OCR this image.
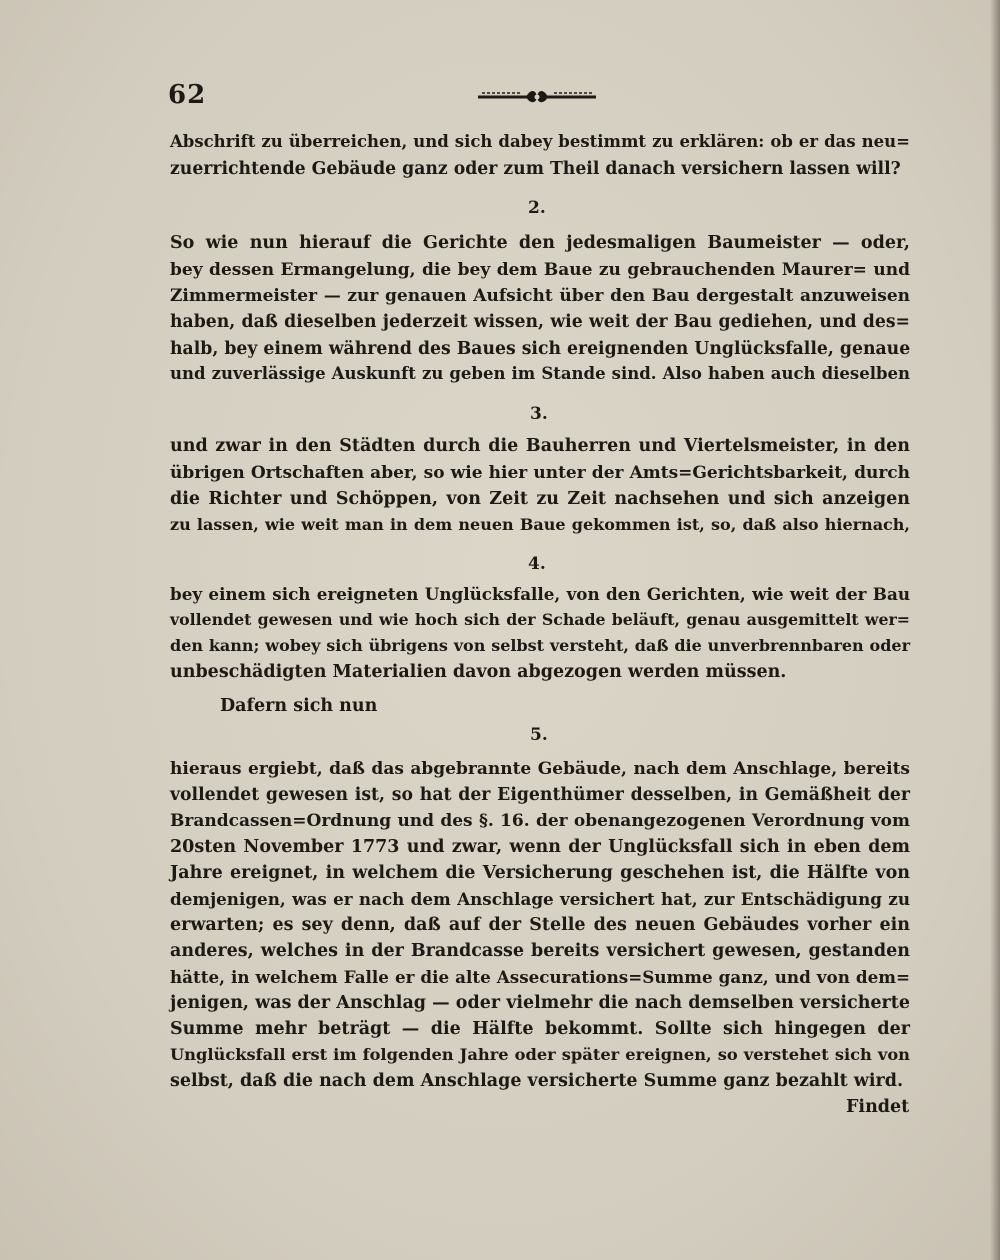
62
Abschrift zu überreichen, und sich dabey bestimmt zu erklären: ob er das neu=
zuerrichtende Gebäude ganz oder zum Theil danach versichern lassen will?
2.
So wie nun hierauf die Gerichte den jedesmaligen Baumeister — oder,
bey dessen Ermangelung, die bey dem Baue zu gebrauchenden Maurer= und
Zimmermeister — zur genauen Aufsicht über den Bau dergestalt anzuweisen
haben, daß dieselben jederzeit wissen, wie weit der Bau gediehen, und des=
halb, bey einem während des Baues sich ereignenden Unglücksfalle, genaue
und zuverlässige Auskunft zu geben im Stande sind. Also haben auch dieselben
3.
und zwar in den Städten durch die Bauherren und Viertelsmeister, in den
übrigen Ortschaften aber, so wie hier unter der Amts=Gerichtsbarkeit, durch
die Richter und Schöppen, von Zeit zu Zeit nachsehen und sich anzeigen
zu lassen, wie weit man in dem neuen Baue gekommen ist, so, daß also hiernach,
4.
bey einem sich ereigneten Unglücksfalle, von den Gerichten, wie weit der Bau
vollendet gewesen und wie hoch sich der Schade beläuft, genau ausgemittelt wer=
den kann; wobey sich übrigens von selbst versteht, daß die unverbrennbaren oder
unbeschädigten Materialien davon abgezogen werden müssen.
Dafern sich nun
5.
hieraus ergiebt, daß das abgebrannte Gebäude, nach dem Anschlage, bereits
vollendet gewesen ist, so hat der Eigenthümer desselben, in Gemäßheit der
Brandcassen=Ordnung und des §. 16. der obenangezogenen Verordnung vom
20sten November 1773 und zwar, wenn der Unglücksfall sich in eben dem
Jahre ereignet, in welchem die Versicherung geschehen ist, die Hälfte von
demjenigen, was er nach dem Anschlage versichert hat, zur Entschädigung zu
erwarten; es sey denn, daß auf der Stelle des neuen Gebäudes vorher ein
anderes, welches in der Brandcasse bereits versichert gewesen, gestanden
hätte, in welchem Falle er die alte Assecurations=Summe ganz, und von dem=
jenigen, was der Anschlag — oder vielmehr die nach demselben versicherte
Summe mehr beträgt — die Hälfte bekommt. Sollte sich hingegen der
Unglücksfall erst im folgenden Jahre oder später ereignen, so verstehet sich von
selbst, daß die nach dem Anschlage versicherte Summe ganz bezahlt wird.
Findet
